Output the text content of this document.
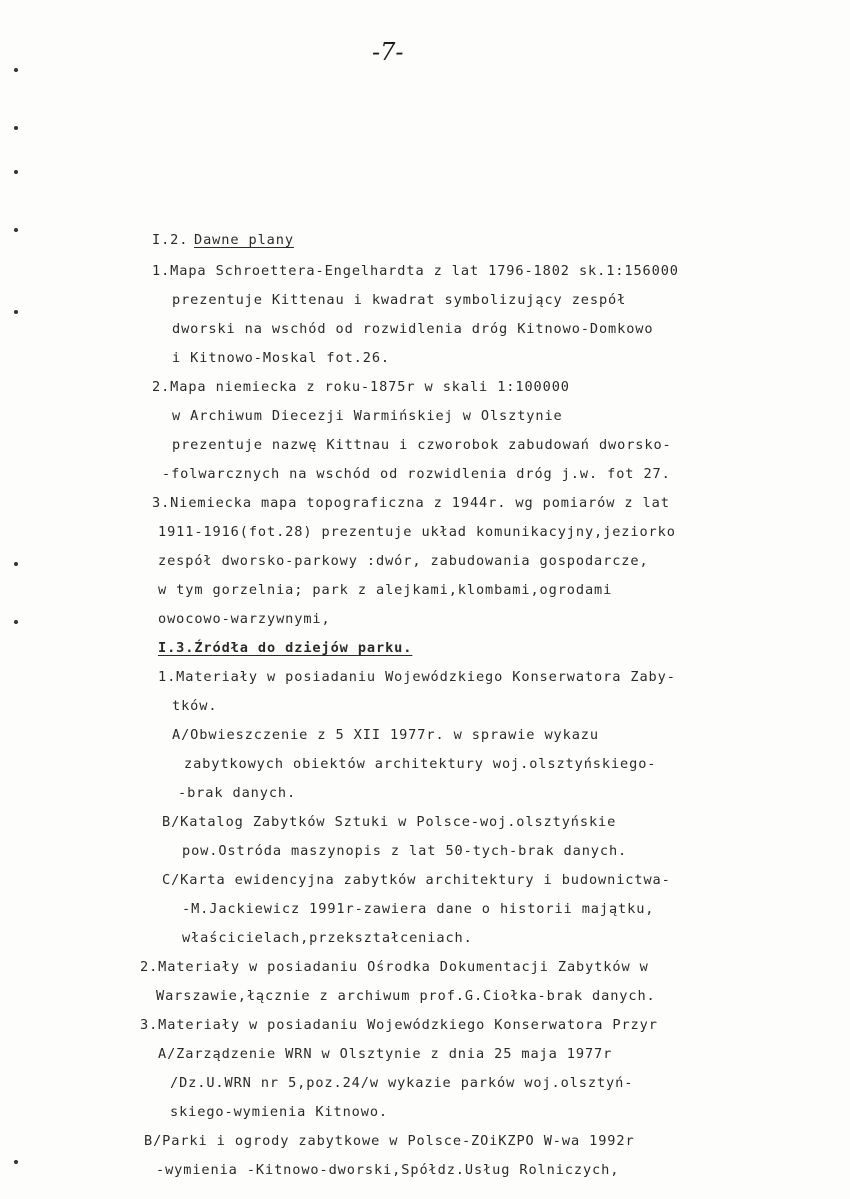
-7-
I.2. Dawne plany
1.Mapa Schroettera-Engelhardta z lat 1796-1802 sk.1:156000
prezentuje Kittenau i kwadrat symbolizujący zespół
dworski na wschód od rozwidlenia dróg Kitnowo-Domkowo
i Kitnowo-Moskal fot.26.
2.Mapa niemiecka z roku-1875r w skali 1:100000
w Archiwum Diecezji Warmińskiej w Olsztynie
prezentuje nazwę Kittnau i czworobok zabudowań dworsko-
-folwarcznych na wschód od rozwidlenia dróg j.w. fot 27.
3.Niemiecka mapa topograficzna z 1944r. wg pomiarów z lat
1911-1916(fot.28) prezentuje układ komunikacyjny,jeziorko
zespół dworsko-parkowy :dwór, zabudowania gospodarcze,
w tym gorzelnia; park z alejkami,klombami,ogrodami
owocowo-warzywnymi,
I.3.Źródła do dziejów parku.
1.Materiały w posiadaniu Wojewódzkiego Konserwatora Zaby-
tków.
A/Obwieszczenie z 5 XII 1977r. w sprawie wykazu
zabytkowych obiektów architektury woj.olsztyńskiego-
-brak danych.
B/Katalog Zabytków Sztuki w Polsce-woj.olsztyńskie
pow.Ostróda maszynopis z lat 50-tych-brak danych.
C/Karta ewidencyjna zabytków architektury i budownictwa-
-M.Jackiewicz 1991r-zawiera dane o historii majątku,
właścicielach,przekształceniach.
2.Materiały w posiadaniu Ośrodka Dokumentacji Zabytków w
Warszawie,łącznie z archiwum prof.G.Ciołka-brak danych.
3.Materiały w posiadaniu Wojewódzkiego Konserwatora Przyr
A/Zarządzenie WRN w Olsztynie z dnia 25 maja 1977r
/Dz.U.WRN nr 5,poz.24/w wykazie parków woj.olsztyń-
skiego-wymienia Kitnowo.
B/Parki i ogrody zabytkowe w Polsce-ZOiKZPO W-wa 1992r
-wymienia -Kitnowo-dworski,Spółdz.Usług Rolniczych,
